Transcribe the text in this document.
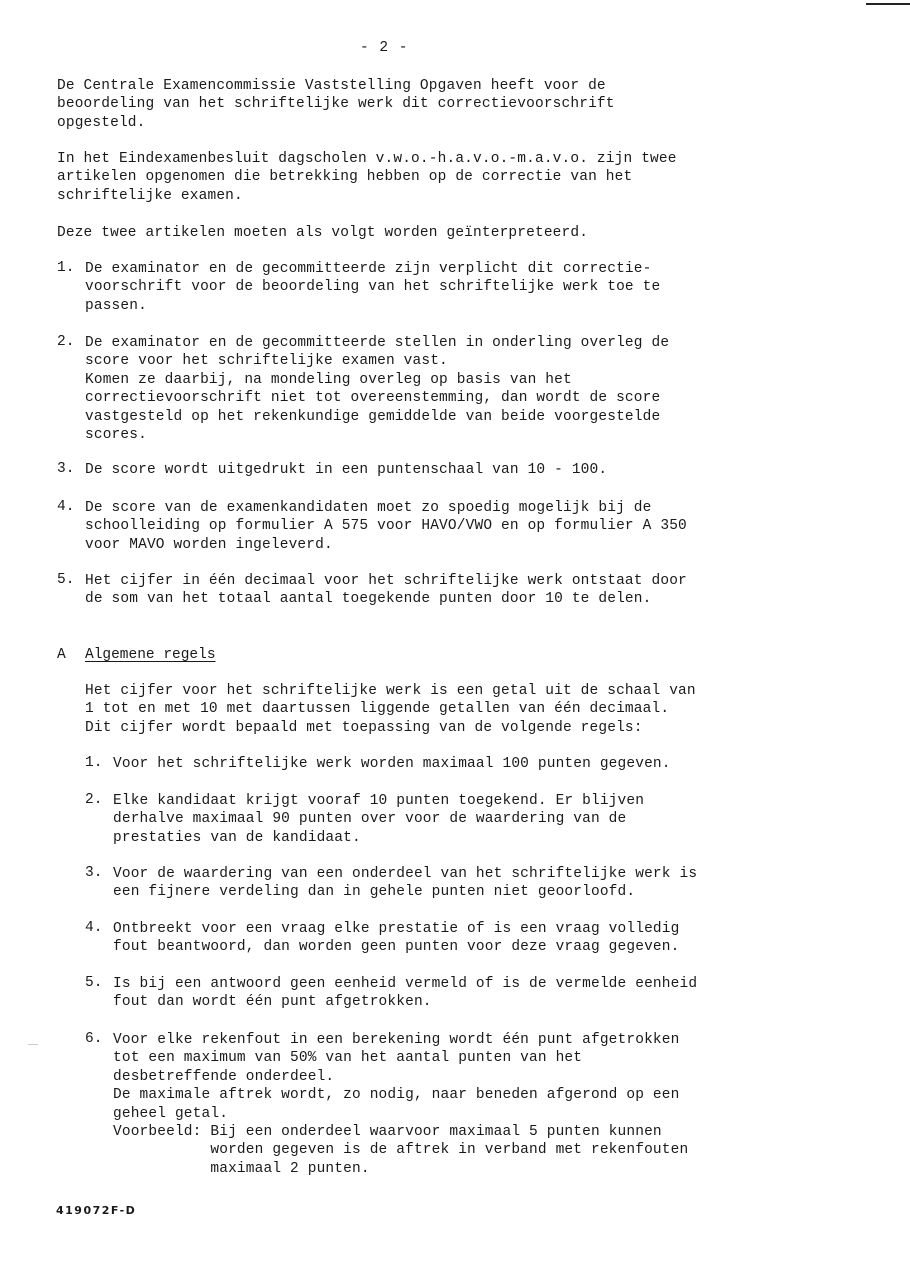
- 2 -
De Centrale Examencommissie Vaststelling Opgaven heeft voor de
beoordeling van het schriftelijke werk dit correctievoorschrift
opgesteld.
In het Eindexamenbesluit dagscholen v.w.o.-h.a.v.o.-m.a.v.o. zijn twee
artikelen opgenomen die betrekking hebben op de correctie van het
schriftelijke examen.
Deze twee artikelen moeten als volgt worden geïnterpreteerd.
1. De examinator en de gecommitteerde zijn verplicht dit correctie-
voorschrift voor de beoordeling van het schriftelijke werk toe te
passen.
2. De examinator en de gecommitteerde stellen in onderling overleg de
score voor het schriftelijke examen vast.
Komen ze daarbij, na mondeling overleg op basis van het
correctievoorschrift niet tot overeenstemming, dan wordt de score
vastgesteld op het rekenkundige gemiddelde van beide voorgestelde
scores.
3. De score wordt uitgedrukt in een puntenschaal van 10 - 100.
4. De score van de examenkandidaten moet zo spoedig mogelijk bij de
schoolleiding op formulier A 575 voor HAVO/VWO en op formulier A 350
voor MAVO worden ingeleverd.
5. Het cijfer in één decimaal voor het schriftelijke werk ontstaat door
de som van het totaal aantal toegekende punten door 10 te delen.
Het cijfer voor het schriftelijke werk is een getal uit de schaal van
1 tot en met 10 met daartussen liggende getallen van één decimaal.
Dit cijfer wordt bepaald met toepassing van de volgende regels:
1. Voor het schriftelijke werk worden maximaal 100 punten gegeven.
2. Elke kandidaat krijgt vooraf 10 punten toegekend. Er blijven
derhalve maximaal 90 punten over voor de waardering van de
prestaties van de kandidaat.
3. Voor de waardering van een onderdeel van het schriftelijke werk is
een fijnere verdeling dan in gehele punten niet geoorloofd.
4. Ontbreekt voor een vraag elke prestatie of is een vraag volledig
fout beantwoord, dan worden geen punten voor deze vraag gegeven.
5. Is bij een antwoord geen eenheid vermeld of is de vermelde eenheid
fout dan wordt één punt afgetrokken.
6. Voor elke rekenfout in een berekening wordt één punt afgetrokken
tot een maximum van 50% van het aantal punten van het
desbetreffende onderdeel.
De maximale aftrek wordt, zo nodig, naar beneden afgerond op een
geheel getal.
Voorbeeld: Bij een onderdeel waarvoor maximaal 5 punten kunnen
worden gegeven is de aftrek in verband met rekenfouten
maximaal 2 punten.
A Algemene regels
419072F-D
